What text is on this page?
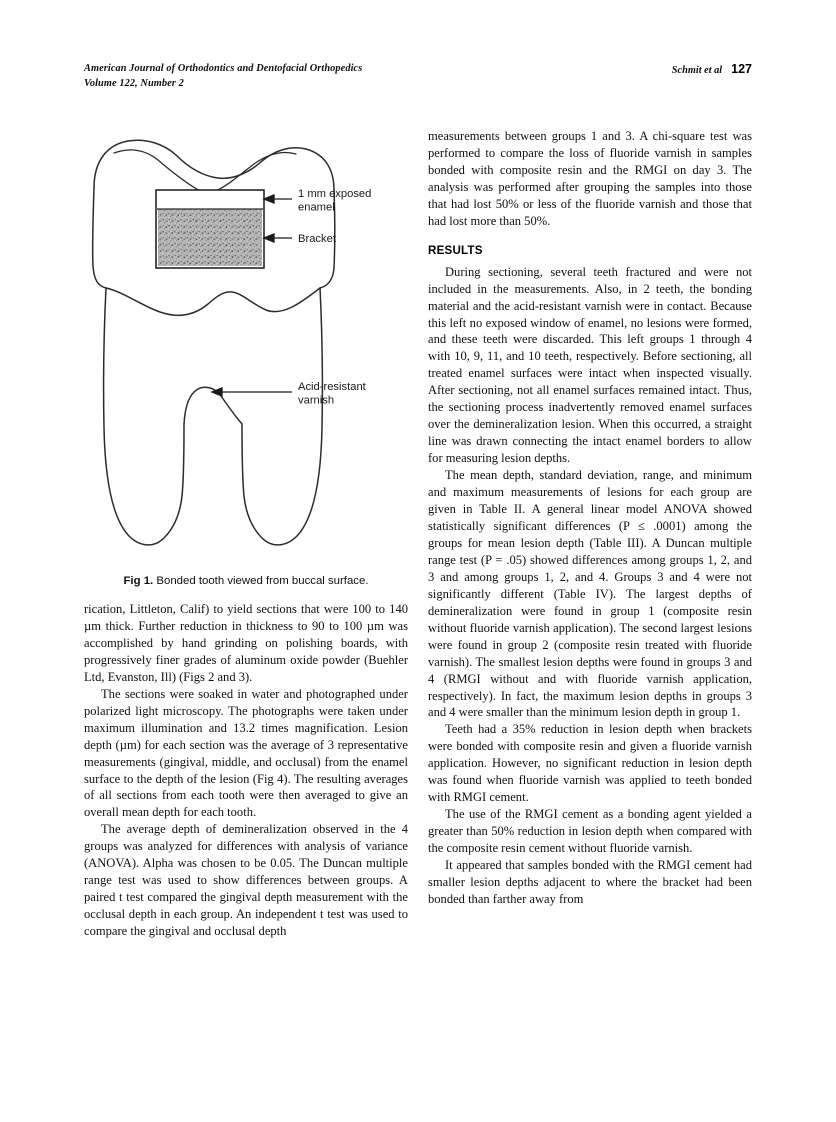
American Journal of Orthodontics and Dentofacial Orthopedics
Volume 122, Number 2
Schmit et al 127
1 mm exposed enamel
Bracket
Acid-resistant varnish
Fig 1. Bonded tooth viewed from buccal surface.

rication, Littleton, Calif) to yield sections that were 100 to 140 µm thick. Further reduction in thickness to 90 to 100 µm was accomplished by hand grinding on polishing boards, with progressively finer grades of aluminum oxide powder (Buehler Ltd, Evanston, Ill) (Figs 2 and 3).

The sections were soaked in water and photographed under polarized light microscopy. The photographs were taken under maximum illumination and 13.2 times magnification. Lesion depth (µm) for each section was the average of 3 representative measurements (gingival, middle, and occlusal) from the enamel surface to the depth of the lesion (Fig 4). The resulting averages of all sections from each tooth were then averaged to give an overall mean depth for each tooth.

The average depth of demineralization observed in the 4 groups was analyzed for differences with analysis of variance (ANOVA). Alpha was chosen to be 0.05. The Duncan multiple range test was used to show differences between groups. A paired t test compared the gingival depth measurement with the occlusal depth in each group. An independent t test was used to compare the gingival and occlusal depth

measurements between groups 1 and 3. A chi-square test was performed to compare the loss of fluoride varnish in samples bonded with composite resin and the RMGI on day 3. The analysis was performed after grouping the samples into those that had lost 50% or less of the fluoride varnish and those that had lost more than 50%.

RESULTS

During sectioning, several teeth fractured and were not included in the measurements. Also, in 2 teeth, the bonding material and the acid-resistant varnish were in contact. Because this left no exposed window of enamel, no lesions were formed, and these teeth were discarded. This left groups 1 through 4 with 10, 9, 11, and 10 teeth, respectively. Before sectioning, all treated enamel surfaces were intact when inspected visually. After sectioning, not all enamel surfaces remained intact. Thus, the sectioning process inadvertently removed enamel surfaces over the demineralization lesion. When this occurred, a straight line was drawn connecting the intact enamel borders to allow for measuring lesion depths.

The mean depth, standard deviation, range, and minimum and maximum measurements of lesions for each group are given in Table II. A general linear model ANOVA showed statistically significant differences (P ≤ .0001) among the groups for mean lesion depth (Table III). A Duncan multiple range test (P = .05) showed differences among groups 1, 2, and 3 and among groups 1, 2, and 4. Groups 3 and 4 were not significantly different (Table IV). The largest depths of demineralization were found in group 1 (composite resin without fluoride varnish application). The second largest lesions were found in group 2 (composite resin treated with fluoride varnish). The smallest lesion depths were found in groups 3 and 4 (RMGI without and with fluoride varnish application, respectively). In fact, the maximum lesion depths in groups 3 and 4 were smaller than the minimum lesion depth in group 1.

Teeth had a 35% reduction in lesion depth when brackets were bonded with composite resin and given a fluoride varnish application. However, no significant reduction in lesion depth was found when fluoride varnish was applied to teeth bonded with RMGI cement.

The use of the RMGI cement as a bonding agent yielded a greater than 50% reduction in lesion depth when compared with the composite resin cement without fluoride varnish.

It appeared that samples bonded with the RMGI cement had smaller lesion depths adjacent to where the bracket had been bonded than farther away from
